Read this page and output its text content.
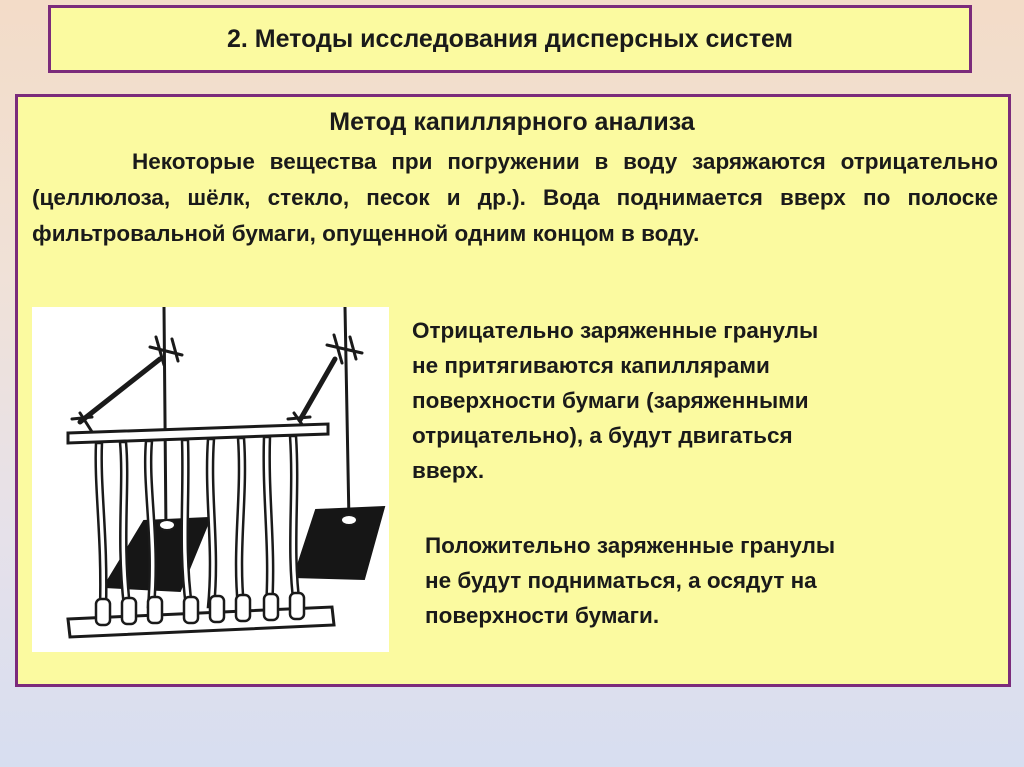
2. Методы исследования дисперсных систем
Метод капиллярного анализа

Некоторые вещества при погружении в воду заряжаются отрицательно (целлюлоза, шёлк, стекло, песок и др.). Вода поднимается вверх по полоске фильтровальной бумаги, опущенной одним концом в воду.

Отрицательно заряженные гранулы
не притягиваются капиллярами
поверхности бумаги (заряженными
отрицательно), а будут двигаться
вверх.

Положительно заряженные гранулы
не будут подниматься, а осядут на
поверхности бумаги.
